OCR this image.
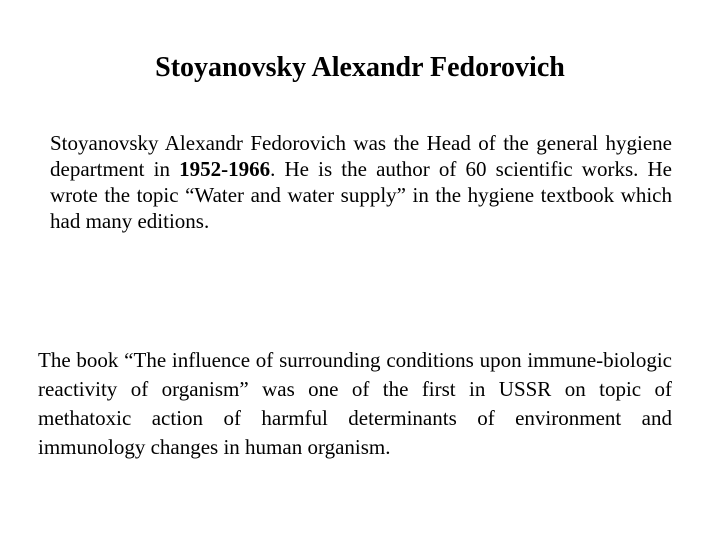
Stoyanovsky Alexandr Fedorovich

Stoyanovsky Alexandr Fedorovich was the Head of the general hygiene department in 1952-1966. He is the author of 60 scientific works. He wrote the topic “Water and water supply” in the hygiene textbook which had many editions.

The book “The influence of surrounding conditions upon immune-biologic reactivity of organism” was one of the first in USSR on topic of methatoxic action of harmful determinants of environment and immunology changes in human organism.
